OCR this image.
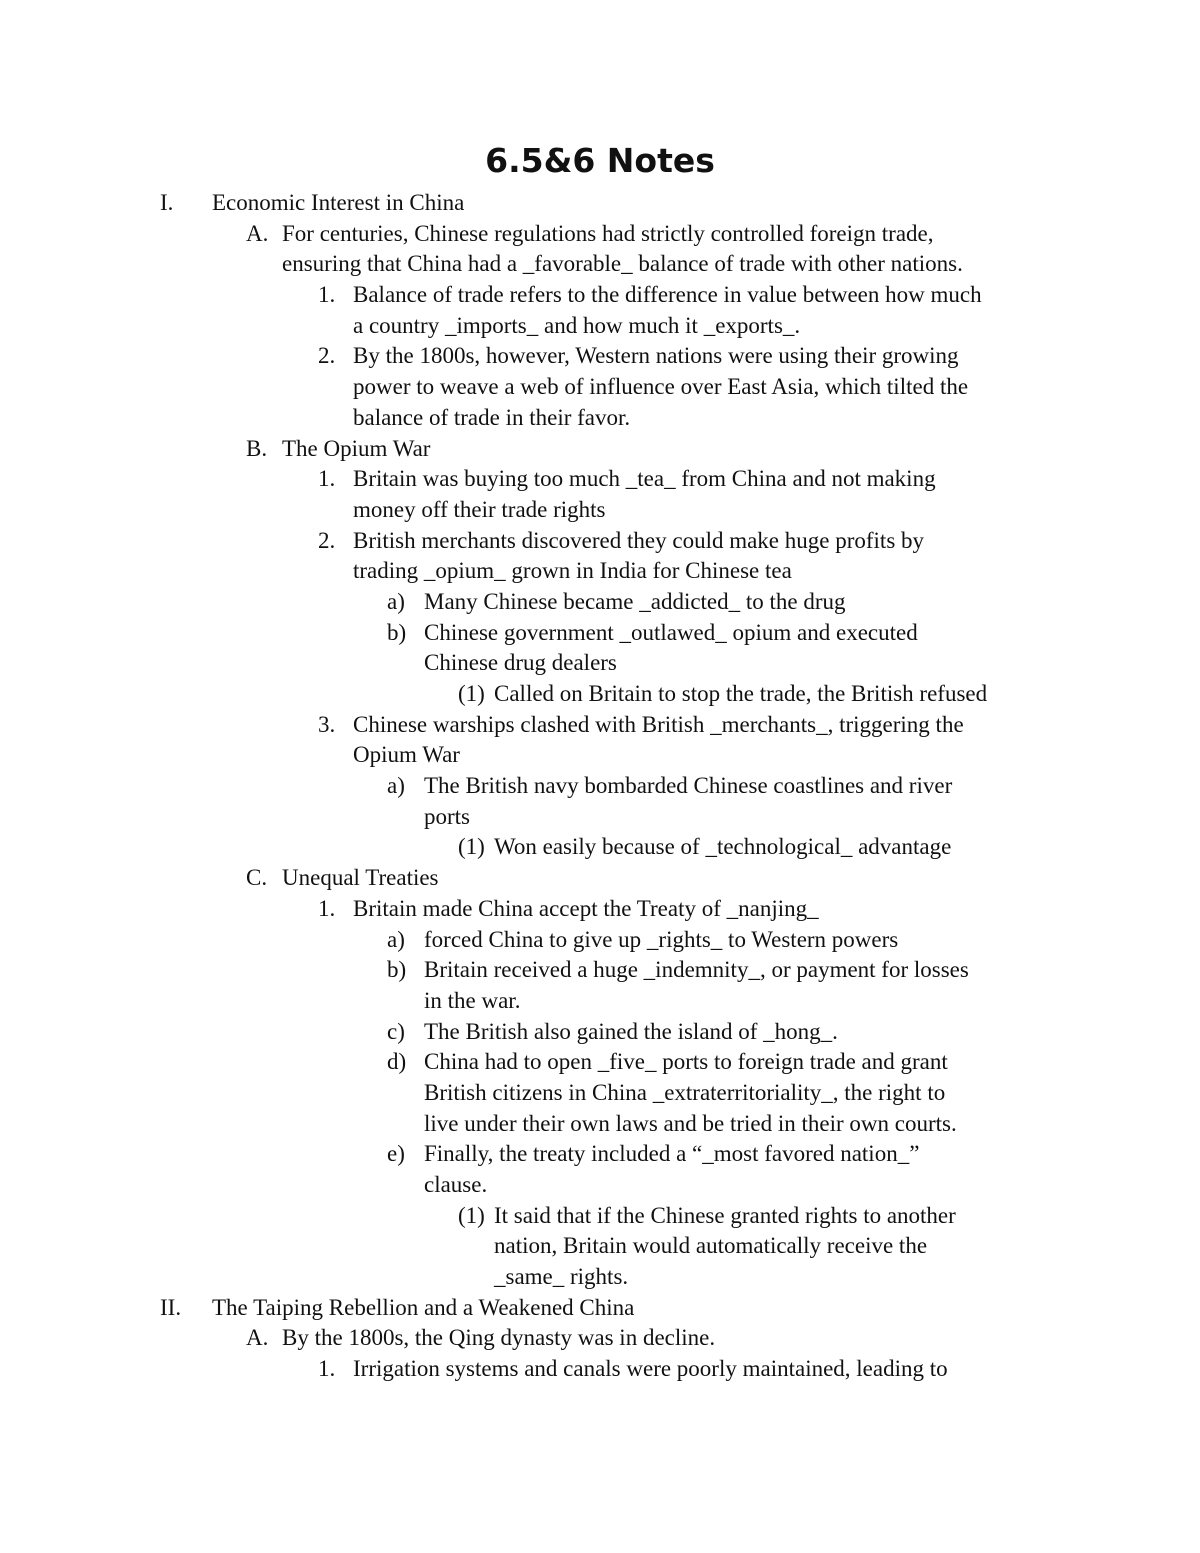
6.5&6 Notes
I. Economic Interest in China
A. For centuries, Chinese regulations had strictly controlled foreign trade,
ensuring that China had a _favorable_ balance of trade with other nations.
1. Balance of trade refers to the difference in value between how much
a country _imports_ and how much it _exports_.
2. By the 1800s, however, Western nations were using their growing
power to weave a web of influence over East Asia, which tilted the
balance of trade in their favor.
B. The Opium War
1. Britain was buying too much _tea_ from China and not making
money off their trade rights
2. British merchants discovered they could make huge profits by
trading _opium_ grown in India for Chinese tea
a) Many Chinese became _addicted_ to the drug
b) Chinese government _outlawed_ opium and executed
Chinese drug dealers
(1) Called on Britain to stop the trade, the British refused
3. Chinese warships clashed with British _merchants_, triggering the
Opium War
a) The British navy bombarded Chinese coastlines and river
ports
(1) Won easily because of _technological_ advantage
C. Unequal Treaties
1. Britain made China accept the Treaty of _nanjing_
a) forced China to give up _rights_ to Western powers
b) Britain received a huge _indemnity_, or payment for losses
in the war.
c) The British also gained the island of _hong_.
d) China had to open _five_ ports to foreign trade and grant
British citizens in China _extraterritoriality_, the right to
live under their own laws and be tried in their own courts.
e) Finally, the treaty included a “_most favored nation_”
clause.
(1) It said that if the Chinese granted rights to another
nation, Britain would automatically receive the
_same_ rights.
II. The Taiping Rebellion and a Weakened China
A. By the 1800s, the Qing dynasty was in decline.
1. Irrigation systems and canals were poorly maintained, leading to
